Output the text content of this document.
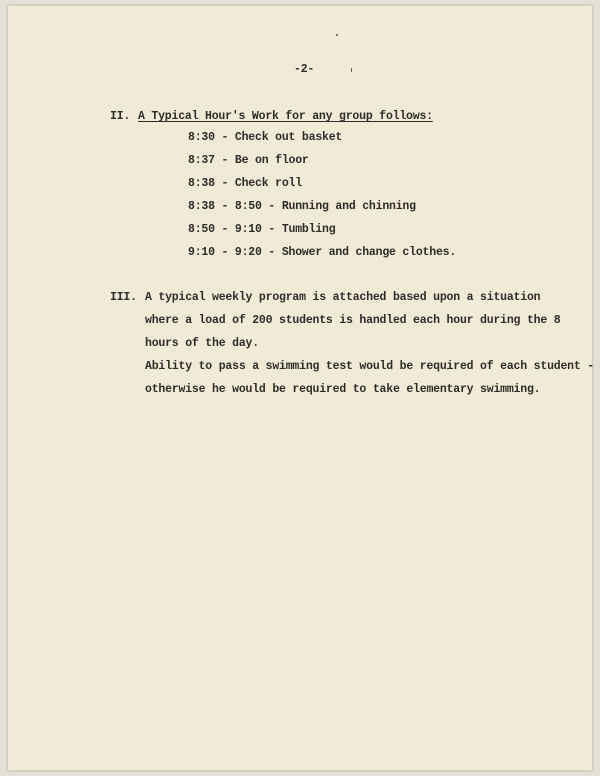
-2-
II. A Typical Hour's Work for any group follows:
8:30 - Check out basket
8:37 - Be on floor
8:38 - Check roll
8:38 - 8:50 - Running and chinning
8:50 - 9:10 - Tumbling
9:10 - 9:20 - Shower and change clothes.
III. A typical weekly program is attached based upon a situation
where a load of 200 students is handled each hour during the 8
hours of the day.
Ability to pass a swimming test would be required of each student -
otherwise he would be required to take elementary swimming.
